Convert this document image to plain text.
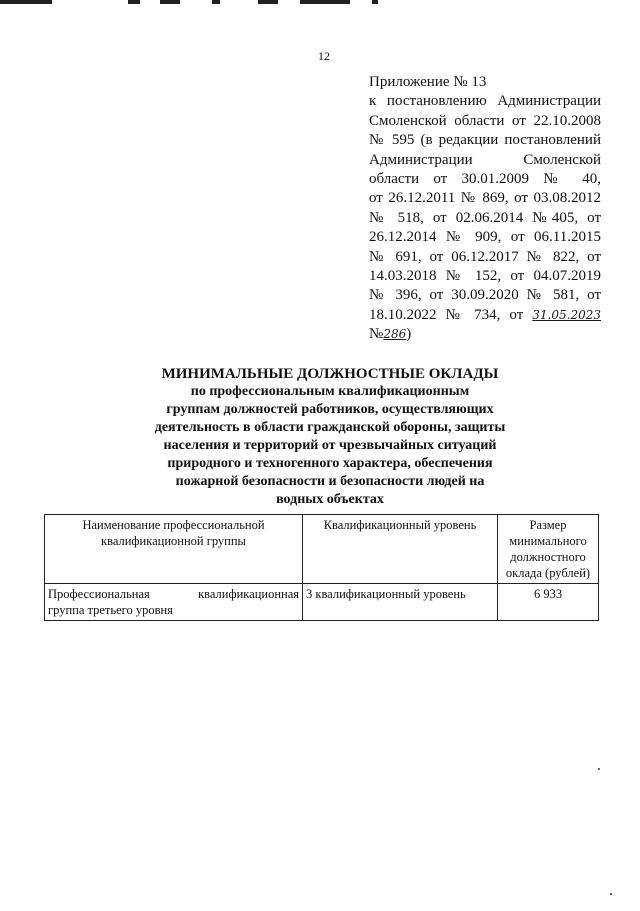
12
Приложение № 13
к постановлению Администрации
Смоленской области от 22.10.2008
№ 595 (в редакции постановлений
Администрации Смоленской
области от 30.01.2009 № 40,
от 26.12.2011 № 869, от 03.08.2012
№ 518, от 02.06.2014 №405, от
26.12.2014 № 909, от 06.11.2015
№ 691, от 06.12.2017 № 822, от
14.03.2018 № 152, от 04.07.2019
№ 396, от 30.09.2020 № 581, от
18.10.2022 № 734, от 31.05.2023
№286)
МИНИМАЛЬНЫЕ ДОЛЖНОСТНЫЕ ОКЛАДЫ
по профессиональным квалификационным
группам должностей работников, осуществляющих
деятельность в области гражданской обороны, защиты
населения и территорий от чрезвычайных ситуаций
природного и техногенного характера, обеспечения
пожарной безопасности и безопасности людей на
водных объектах
Наименование профессиональной квалификационной группы	Квалификационный уровень	Размер минимального должностного оклада (рублей)

Профессиональная квалификационная
группа третьего уровня	3 квалификационный уровень	6 933
